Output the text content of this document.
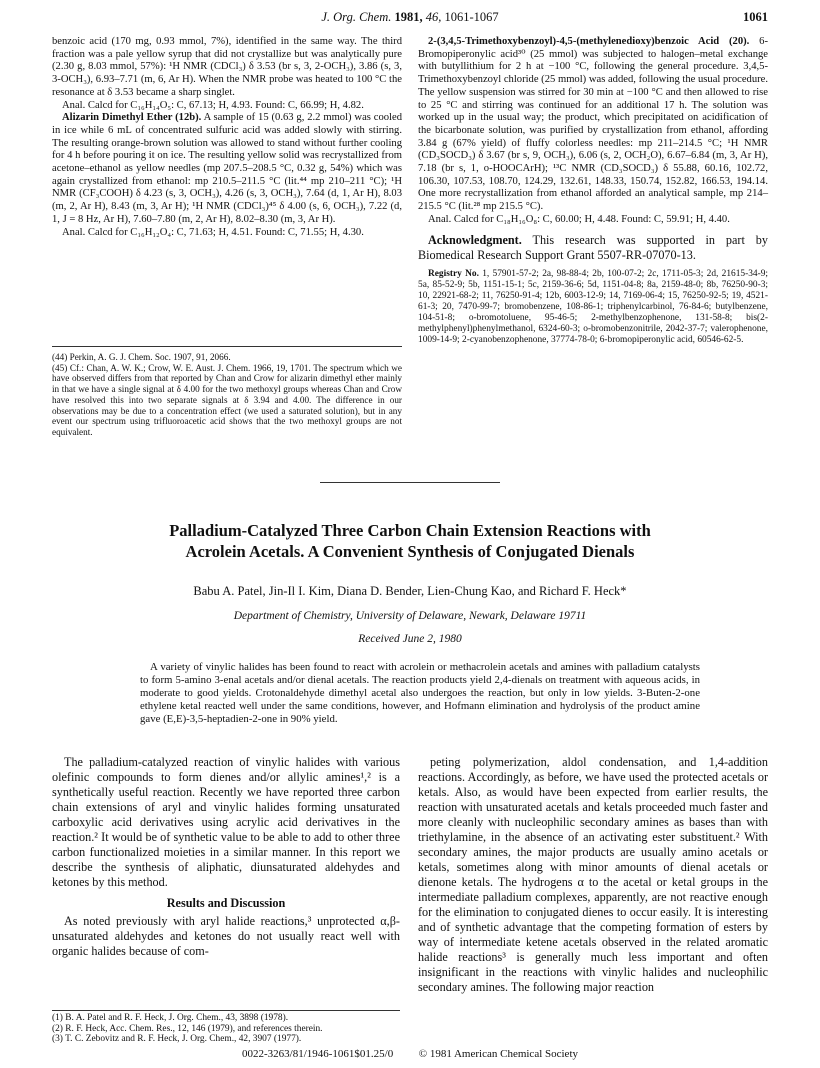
J. Org. Chem. 1981, 46, 1061-1067	1061

benzoic acid (170 mg, 0.93 mmol, 7%), identified in the same way. The third fraction was a pale yellow syrup that did not crystallize but was analytically pure (2.30 g, 8.03 mmol, 57%): ¹H NMR (CDCl₃) δ 3.53 (br s, 3, 2-OCH₃), 3.86 (s, 3, 3-OCH₃), 6.93–7.71 (m, 6, Ar H). When the NMR probe was heated to 100 °C the resonance at δ 3.53 became a sharp singlet.

Anal. Calcd for C₁₆H₁₄O₅: C, 67.13; H, 4.93. Found: C, 66.99; H, 4.82.

Alizarin Dimethyl Ether (12b). A sample of 15 (0.63 g, 2.2 mmol) was cooled in ice while 6 mL of concentrated sulfuric acid was added slowly with stirring. The resulting orange-brown solution was allowed to stand without further cooling for 4 h before pouring it on ice. The resulting yellow solid was recrystallized from acetone–ethanol as yellow needles (mp 207.5–208.5 °C, 0.32 g, 54%) which was again crystallized from ethanol: mp 210.5–211.5 °C (lit.⁴⁴ mp 210–211 °C); ¹H NMR (CF₃COOH) δ 4.23 (s, 3, OCH₃), 4.26 (s, 3, OCH₃), 7.64 (d, 1, Ar H), 8.03 (m, 2, Ar H), 8.43 (m, 3, Ar H); ¹H NMR (CDCl₃)⁴⁵ δ 4.00 (s, 6, OCH₃), 7.22 (d, 1, J = 8 Hz, Ar H), 7.60–7.80 (m, 2, Ar H), 8.02–8.30 (m, 3, Ar H).

Anal. Calcd for C₁₆H₁₂O₄: C, 71.63; H, 4.51. Found: C, 71.55; H, 4.30.

(44) Perkin, A. G. J. Chem. Soc. 1907, 91, 2066.

(45) Cf.: Chan, A. W. K.; Crow, W. E. Aust. J. Chem. 1966, 19, 1701. The spectrum which we have observed differs from that reported by Chan and Crow for alizarin dimethyl ether mainly in that we have a single signal at δ 4.00 for the two methoxyl groups whereas Chan and Crow have resolved this into two separate signals at δ 3.94 and 4.00. The difference in our observations may be due to a concentration effect (we used a saturated solution), but in any event our spectrum using trifluoroacetic acid shows that the two methoxyl groups are not equivalent.

2-(3,4,5-Trimethoxybenzoyl)-4,5-(methylenedioxy)benzoic Acid (20). 6-Bromopiperonylic acid³⁰ (25 mmol) was subjected to halogen–metal exchange with butyllithium for 2 h at −100 °C, following the general procedure. 3,4,5-Trimethoxybenzoyl chloride (25 mmol) was added, following the usual procedure. The yellow suspension was stirred for 30 min at −100 °C and then allowed to rise to 25 °C and stirring was continued for an additional 17 h. The solution was worked up in the usual way; the product, which precipitated on acidification of the bicarbonate solution, was purified by crystallization from ethanol, affording 3.84 g (67% yield) of fluffy colorless needles: mp 211–214.5 °C; ¹H NMR (CD₃SOCD₃) δ 3.67 (br s, 9, OCH₃), 6.06 (s, 2, OCH₂O), 6.67–6.84 (m, 3, Ar H), 7.18 (br s, 1, o-HOOCArH); ¹³C NMR (CD₃SOCD₃) δ 55.88, 60.16, 102.72, 106.30, 107.53, 108.70, 124.29, 132.61, 148.33, 150.74, 152.82, 166.53, 194.14. One more recrystallization from ethanol afforded an analytical sample, mp 214–215.5 °C (lit.²⁸ mp 215.5 °C).

Anal. Calcd for C₁₈H₁₆O₈: C, 60.00; H, 4.48. Found: C, 59.91; H, 4.40.

Acknowledgment. This research was supported in part by Biomedical Research Support Grant 5507-RR-07070-13.

Registry No. 1, 57901-57-2; 2a, 98-88-4; 2b, 100-07-2; 2c, 1711-05-3; 2d, 21615-34-9; 5a, 85-52-9; 5b, 1151-15-1; 5c, 2159-36-6; 5d, 1151-04-8; 8a, 2159-48-0; 8b, 76250-90-3; 10, 22921-68-2; 11, 76250-91-4; 12b, 6003-12-9; 14, 7169-06-4; 15, 76250-92-5; 19, 4521-61-3; 20, 7470-99-7; bromobenzene, 108-86-1; triphenylcarbinol, 76-84-6; butylbenzene, 104-51-8; o-bromotoluene, 95-46-5; 2-methylbenzophenone, 131-58-8; bis(2-methylphenyl)phenylmethanol, 6324-60-3; o-bromobenzonitrile, 2042-37-7; valerophenone, 1009-14-9; 2-cyanobenzophenone, 37774-78-0; 6-bromopiperonylic acid, 60546-62-5.

Palladium-Catalyzed Three Carbon Chain Extension Reactions with
Acrolein Acetals. A Convenient Synthesis of Conjugated Dienals
Babu A. Patel, Jin-Il I. Kim, Diana D. Bender, Lien-Chung Kao, and Richard F. Heck*
Department of Chemistry, University of Delaware, Newark, Delaware 19711
Received June 2, 1980
A variety of vinylic halides has been found to react with acrolein or methacrolein acetals and amines with palladium catalysts to form 5-amino 3-enal acetals and/or dienal acetals. The reaction products yield 2,4-dienals on treatment with aqueous acids, in moderate to good yields. Crotonaldehyde dimethyl acetal also undergoes the reaction, but only in low yields. 3-Buten-2-one ethylene ketal reacted well under the same conditions, however, and Hofmann elimination and hydrolysis of the product amine gave (E,E)-3,5-heptadien-2-one in 90% yield.

The palladium-catalyzed reaction of vinylic halides with various olefinic compounds to form dienes and/or allylic amines¹,² is a synthetically useful reaction. Recently we have reported three carbon chain extensions of aryl and vinylic halides forming unsaturated carboxylic acid derivatives using acrylic acid derivatives in the reaction.² It would be of synthetic value to be able to add to other three carbon functionalized moieties in a similar manner. In this report we describe the synthesis of aliphatic, diunsaturated aldehydes and ketones by this method.

Results and Discussion

As noted previously with aryl halide reactions,³ unprotected α,β-unsaturated aldehydes and ketones do not usually react well with organic halides because of com-

(1) B. A. Patel and R. F. Heck, J. Org. Chem., 43, 3898 (1978).

(2) R. F. Heck, Acc. Chem. Res., 12, 146 (1979), and references therein.

(3) T. C. Zebovitz and R. F. Heck, J. Org. Chem., 42, 3907 (1977).

peting polymerization, aldol condensation, and 1,4-addition reactions. Accordingly, as before, we have used the protected acetals or ketals. Also, as would have been expected from earlier results, the reaction with unsaturated acetals and ketals proceeded much faster and more cleanly with nucleophilic secondary amines as bases than with triethylamine, in the absence of an activating ester substituent.² With secondary amines, the major products are usually amino acetals or ketals, sometimes along with minor amounts of dienal acetals or dienone ketals. The hydrogens α to the acetal or ketal groups in the intermediate palladium complexes, apparently, are not reactive enough for the elimination to conjugated dienes to occur easily. It is interesting and of synthetic advantage that the competing formation of esters by way of intermediate ketene acetals observed in the related aromatic halide reactions³ is generally much less important and often insignificant in the reactions with vinylic halides and nucleophilic secondary amines. The following major reaction

0022-3263/81/1946-1061$01.25/0 © 1981 American Chemical Society
